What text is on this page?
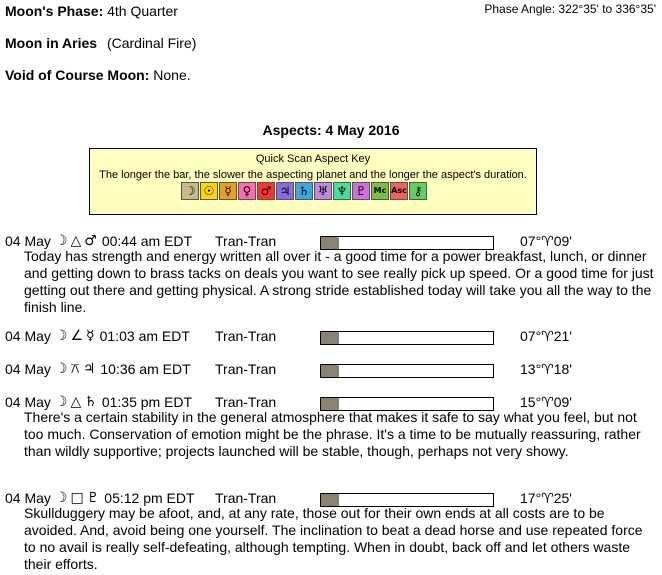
Moon's Phase: 4th Quarter	Phase Angle: 322°35' to 336°35'
Moon in Aries (Cardinal Fire)
Void of Course Moon: None.
Aspects: 4 May 2016
Quick Scan Aspect Key
The longer the bar, the slower the aspecting planet and the longer the aspect's duration.
☽ ☉ ☿ ♀ ♂ ♃ ♄ ♅ ♆ ♇ Mc Asc ⚷
04 May ☽ △ ♂ 00:44 am EDT Tran-Tran	07°♈09'
Today has strength and energy written all over it - a good time for a power breakfast, lunch, or dinner and getting down to brass tacks on deals you want to see really pick up speed. Or a good time for just getting out there and getting physical. A strong stride established today will take you all the way to the finish line.
04 May ☽ ∠ ☿ 01:03 am EDT Tran-Tran	07°♈21'
04 May ☽ ⚻ ♃ 10:36 am EDT Tran-Tran	13°♈18'
04 May ☽ △ ♄ 01:35 pm EDT Tran-Tran	15°♈09'
There's a certain stability in the general atmosphere that makes it safe to say what you feel, but not too much. Conservation of emotion might be the phrase. It's a time to be mutually reassuring, rather than wildly supportive; projects launched will be stable, though, perhaps not very showy.
04 May ☽ □ ♇ 05:12 pm EDT Tran-Tran	17°♈25'
Skullduggery may be afoot, and, at any rate, those out for their own ends at all costs are to be avoided. And, avoid being one yourself. The inclination to beat a dead horse and use repeated force to no avail is really self-defeating, although tempting. When in doubt, back off and let others waste their efforts.
